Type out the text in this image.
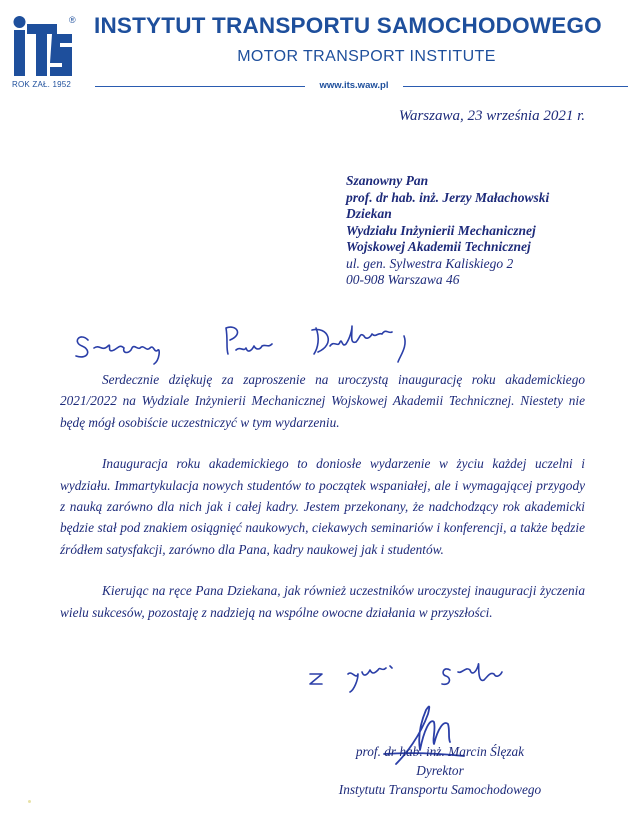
®
ROK ZAŁ. 1952
INSTYTUT TRANSPORTU SAMOCHODOWEGO
MOTOR TRANSPORT INSTITUTE
www.its.waw.pl
Warszawa, 23 września 2021 r.
Szanowny Pan
prof. dr hab. inż. Jerzy Małachowski
Dziekan
Wydziału Inżynierii Mechanicznej
Wojskowej Akademii Technicznej
ul. gen. Sylwestra Kaliskiego 2
00-908 Warszawa 46

Serdecznie dziękuję za zaproszenie na uroczystą inaugurację roku akademickiego 2021/2022 na Wydziale Inżynierii Mechanicznej Wojskowej Akademii Technicznej. Niestety nie będę mógł osobiście uczestniczyć w tym wydarzeniu.

Inauguracja roku akademickiego to doniosłe wydarzenie w życiu każdej uczelni i wydziału. Immartykulacja nowych studentów to początek wspaniałej, ale i wymagającej przygody z nauką zarówno dla nich jak i całej kadry. Jestem przekonany, że nadchodzący rok akademicki będzie stał pod znakiem osiągnięć naukowych, ciekawych seminariów i konferencji, a także będzie źródłem satysfakcji, zarówno dla Pana, kadry naukowej jak i studentów.

Kierując na ręce Pana Dziekana, jak również uczestników uroczystej inauguracji życzenia wielu sukcesów, pozostaję z nadzieją na wspólne owocne działania w przyszłości.

prof. dr hab. inż. Marcin Ślęzak
Dyrektor
Instytutu Transportu Samochodowego
